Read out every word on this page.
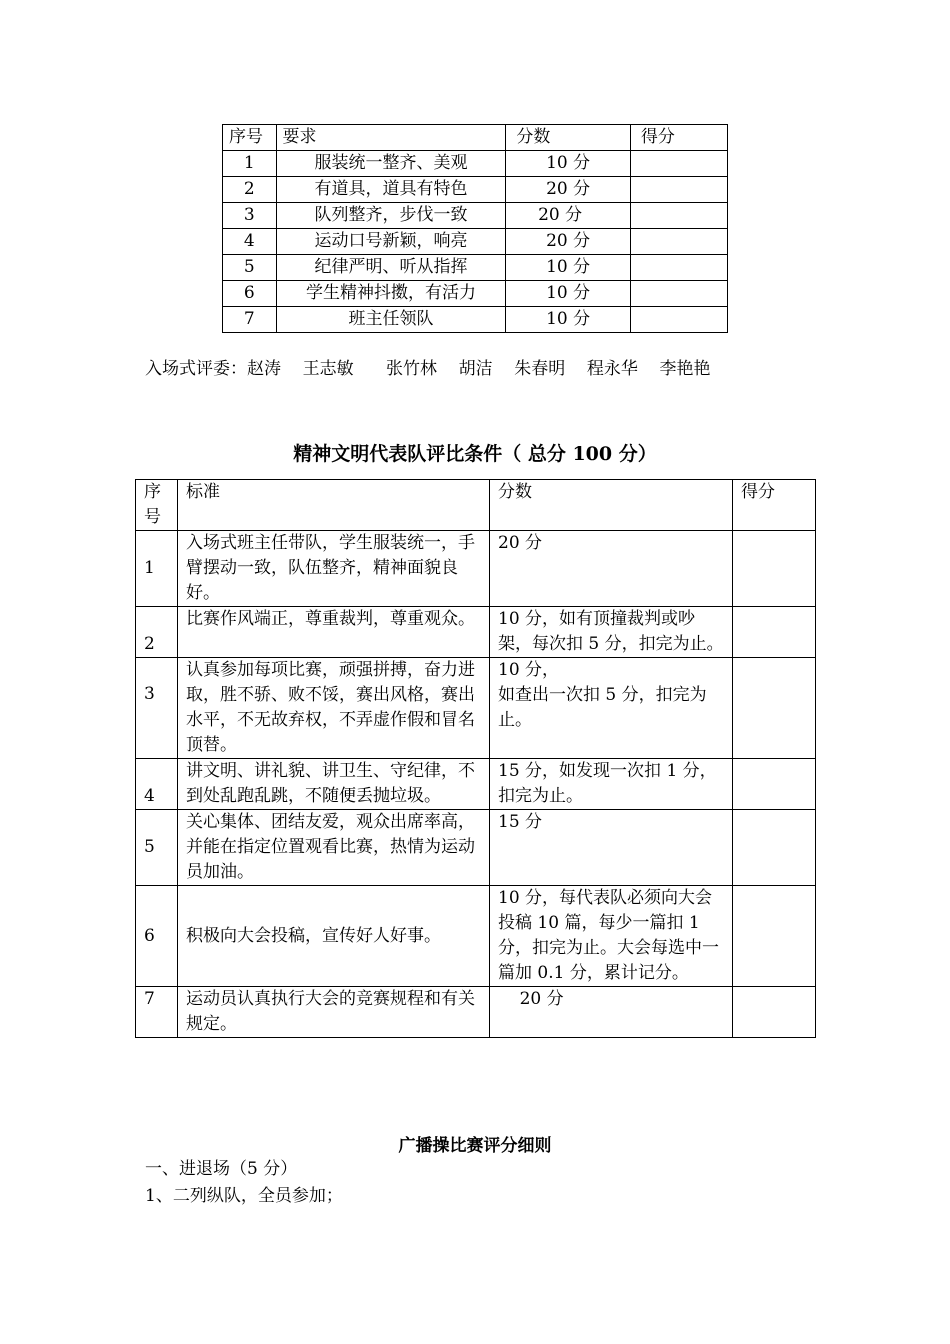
序号	要求	分数	得分
1	服装统一整齐、美观	10 分	
2	有道具，道具有特色	20 分	
3	队列整齐，步伐一致	20 分	
4	运动口号新颖，响亮	20 分	
5	纪律严明、听从指挥	10 分	
6	学生精神抖擞，有活力	10 分	
7	班主任领队	10 分	
入场式评委：赵涛    王志敏      张竹林    胡洁    朱春明    程永华    李艳艳
精神文明代表队评比条件（ 总分 100 分）
序
号	标准	分数	得分
1	入场式班主任带队，学生服装统一，手臂摆动一致，队伍整齐，精神面貌良好。	20 分	
2	比赛作风端正，尊重裁判，尊重观众。	10 分，如有顶撞裁判或吵架，每次扣 5 分，扣完为止。	
3	认真参加每项比赛，顽强拼搏，奋力进取，胜不骄、败不馁，赛出风格，赛出水平，不无故弃权，不弄虚作假和冒名顶替。	10 分，
如查出一次扣 5 分，扣完为止。	
4	讲文明、讲礼貌、讲卫生、守纪律，不到处乱跑乱跳，不随便丢抛垃圾。	15 分，如发现一次扣 1 分，扣完为止。	
5	关心集体、团结友爱，观众出席率高，并能在指定位置观看比赛，热情为运动员加油。	15 分	
6	积极向大会投稿，宣传好人好事。	10 分，每代表队必须向大会投稿 10 篇，每少一篇扣 1 分，扣完为止。大会每选中一篇加 0.1 分，累计记分。	
7	运动员认真执行大会的竞赛规程和有关规定。	20 分	
广播操比赛评分细则
一、进退场（5 分）
1、二列纵队，全员参加；
